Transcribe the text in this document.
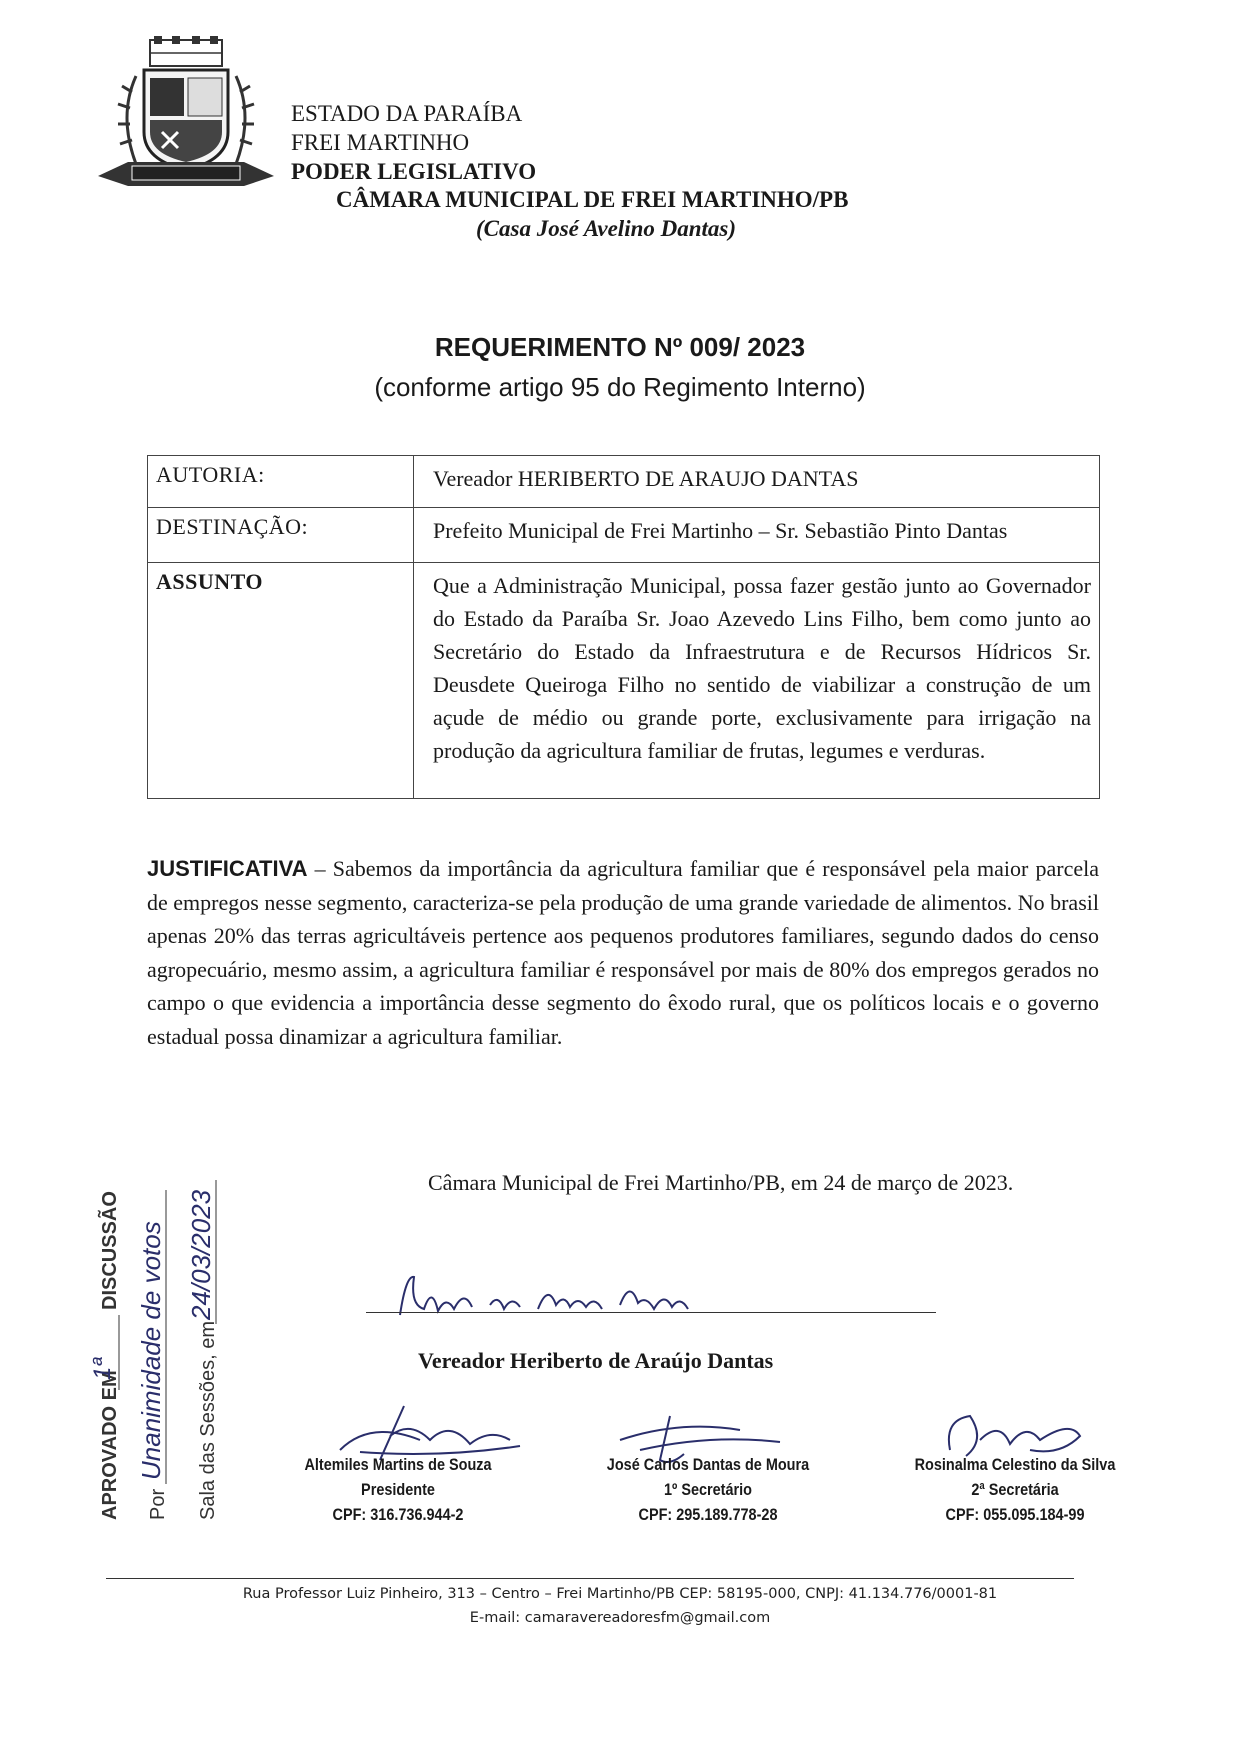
ESTADO DA PARAÍBA
FREI MARTINHO
PODER LEGISLATIVO
CÂMARA MUNICIPAL DE FREI MARTINHO/PB
(Casa José Avelino Dantas)
REQUERIMENTO Nº 009/ 2023
(conforme artigo 95 do Regimento Interno)
AUTORIA:	Vereador HERIBERTO DE ARAUJO DANTAS
DESTINAÇÃO:	Prefeito Municipal de Frei Martinho – Sr. Sebastião Pinto Dantas
ASSUNTO	Que a Administração Municipal, possa fazer gestão junto ao Governador do Estado da Paraíba Sr. Joao Azevedo Lins Filho, bem como junto ao Secretário do Estado da Infraestrutura e de Recursos Hídricos Sr. Deusdete Queiroga Filho no sentido de viabilizar a construção de um açude de médio ou grande porte, exclusivamente para irrigação na produção da agricultura familiar de frutas, legumes e verduras.
JUSTIFICATIVA – Sabemos da importância da agricultura familiar que é responsável pela maior parcela de empregos nesse segmento, caracteriza-se pela produção de uma grande variedade de alimentos. No brasil apenas 20% das terras agricultáveis pertence aos pequenos produtores familiares, segundo dados do censo agropecuário, mesmo assim, a agricultura familiar é responsável por mais de 80% dos empregos gerados no campo o que evidencia a importância desse segmento do êxodo rural, que os políticos locais e o governo estadual possa dinamizar a agricultura familiar.
Câmara Municipal de Frei Martinho/PB, em 24 de março de 2023.
Vereador Heriberto de Araújo Dantas
APROVADO EM
1ª
DISCUSSÃO
Por
Unanimidade de votos Sala das Sessões, em
24/03/2023
Altemiles Martins de Souza
Presidente
CPF: 316.736.944-2
José Carlos Dantas de Moura
1º Secretário
CPF: 295.189.778-28
Rosinalma Celestino da Silva
2ª Secretária
CPF: 055.095.184-99
Rua Professor Luiz Pinheiro, 313 – Centro – Frei Martinho/PB CEP: 58195-000, CNPJ: 41.134.776/0001-81
E-mail: camaravereadoresfm@gmail.com
